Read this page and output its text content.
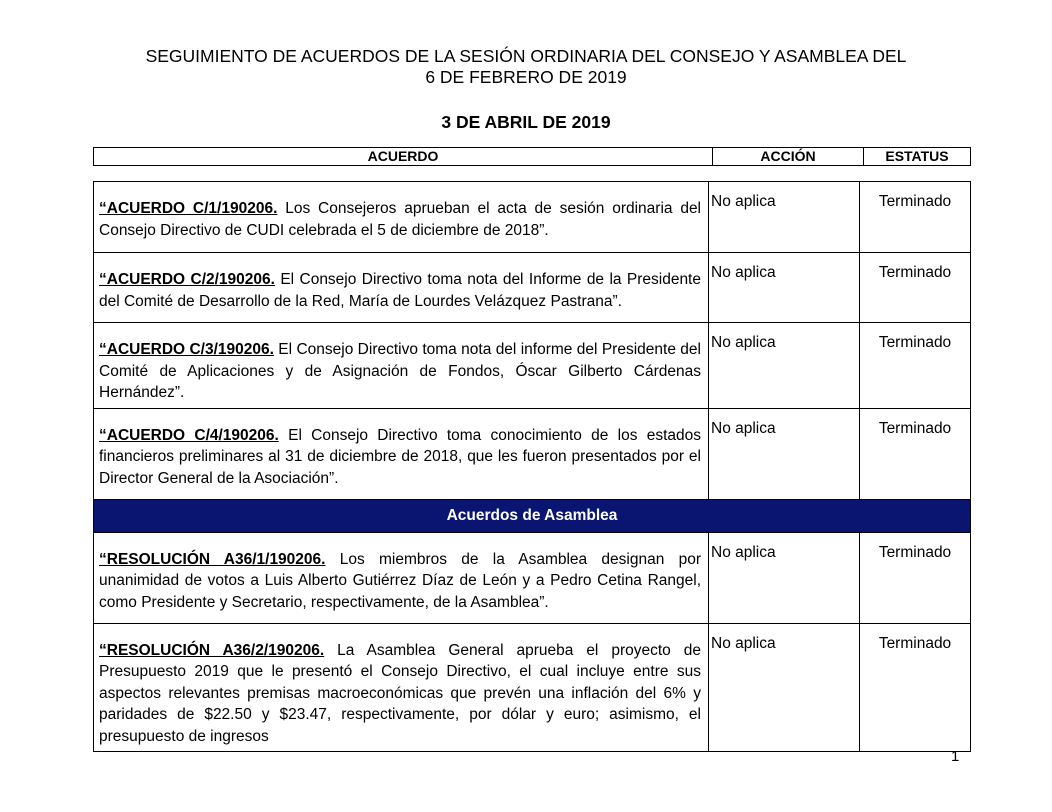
SEGUIMIENTO DE ACUERDOS DE LA SESIÓN ORDINARIA DEL CONSEJO Y ASAMBLEA DEL
6 DE FEBRERO DE 2019
3 DE ABRIL DE 2019
ACUERDO	ACCIÓN	ESTATUS
“ACUERDO C/1/190206. Los Consejeros aprueban el acta de sesión ordinaria del Consejo Directivo de CUDI celebrada el 5 de diciembre de 2018”.	No aplica	Terminado
“ACUERDO C/2/190206. El Consejo Directivo toma nota del Informe de la Presidente del Comité de Desarrollo de la Red, María de Lourdes Velázquez Pastrana”.	No aplica	Terminado
“ACUERDO C/3/190206. El Consejo Directivo toma nota del informe del Presidente del Comité de Aplicaciones y de Asignación de Fondos, Óscar Gilberto Cárdenas Hernández”.	No aplica	Terminado
“ACUERDO C/4/190206. El Consejo Directivo toma conocimiento de los estados financieros preliminares al 31 de diciembre de 2018, que les fueron presentados por el Director General de la Asociación”.	No aplica	Terminado
Acuerdos de Asamblea		
“RESOLUCIÓN A36/1/190206. Los miembros de la Asamblea designan por unanimidad de votos a Luis Alberto Gutiérrez Díaz de León y a Pedro Cetina Rangel, como Presidente y Secretario, respectivamente, de la Asamblea”.	No aplica	Terminado
“RESOLUCIÓN A36/2/190206. La Asamblea General aprueba el proyecto de Presupuesto 2019 que le presentó el Consejo Directivo, el cual incluye entre sus aspectos relevantes premisas macroeconómicas que prevén una inflación del 6% y paridades de $22.50 y $23.47, respectivamente, por dólar y euro; asimismo, el presupuesto de ingresos	No aplica	Terminado
1
